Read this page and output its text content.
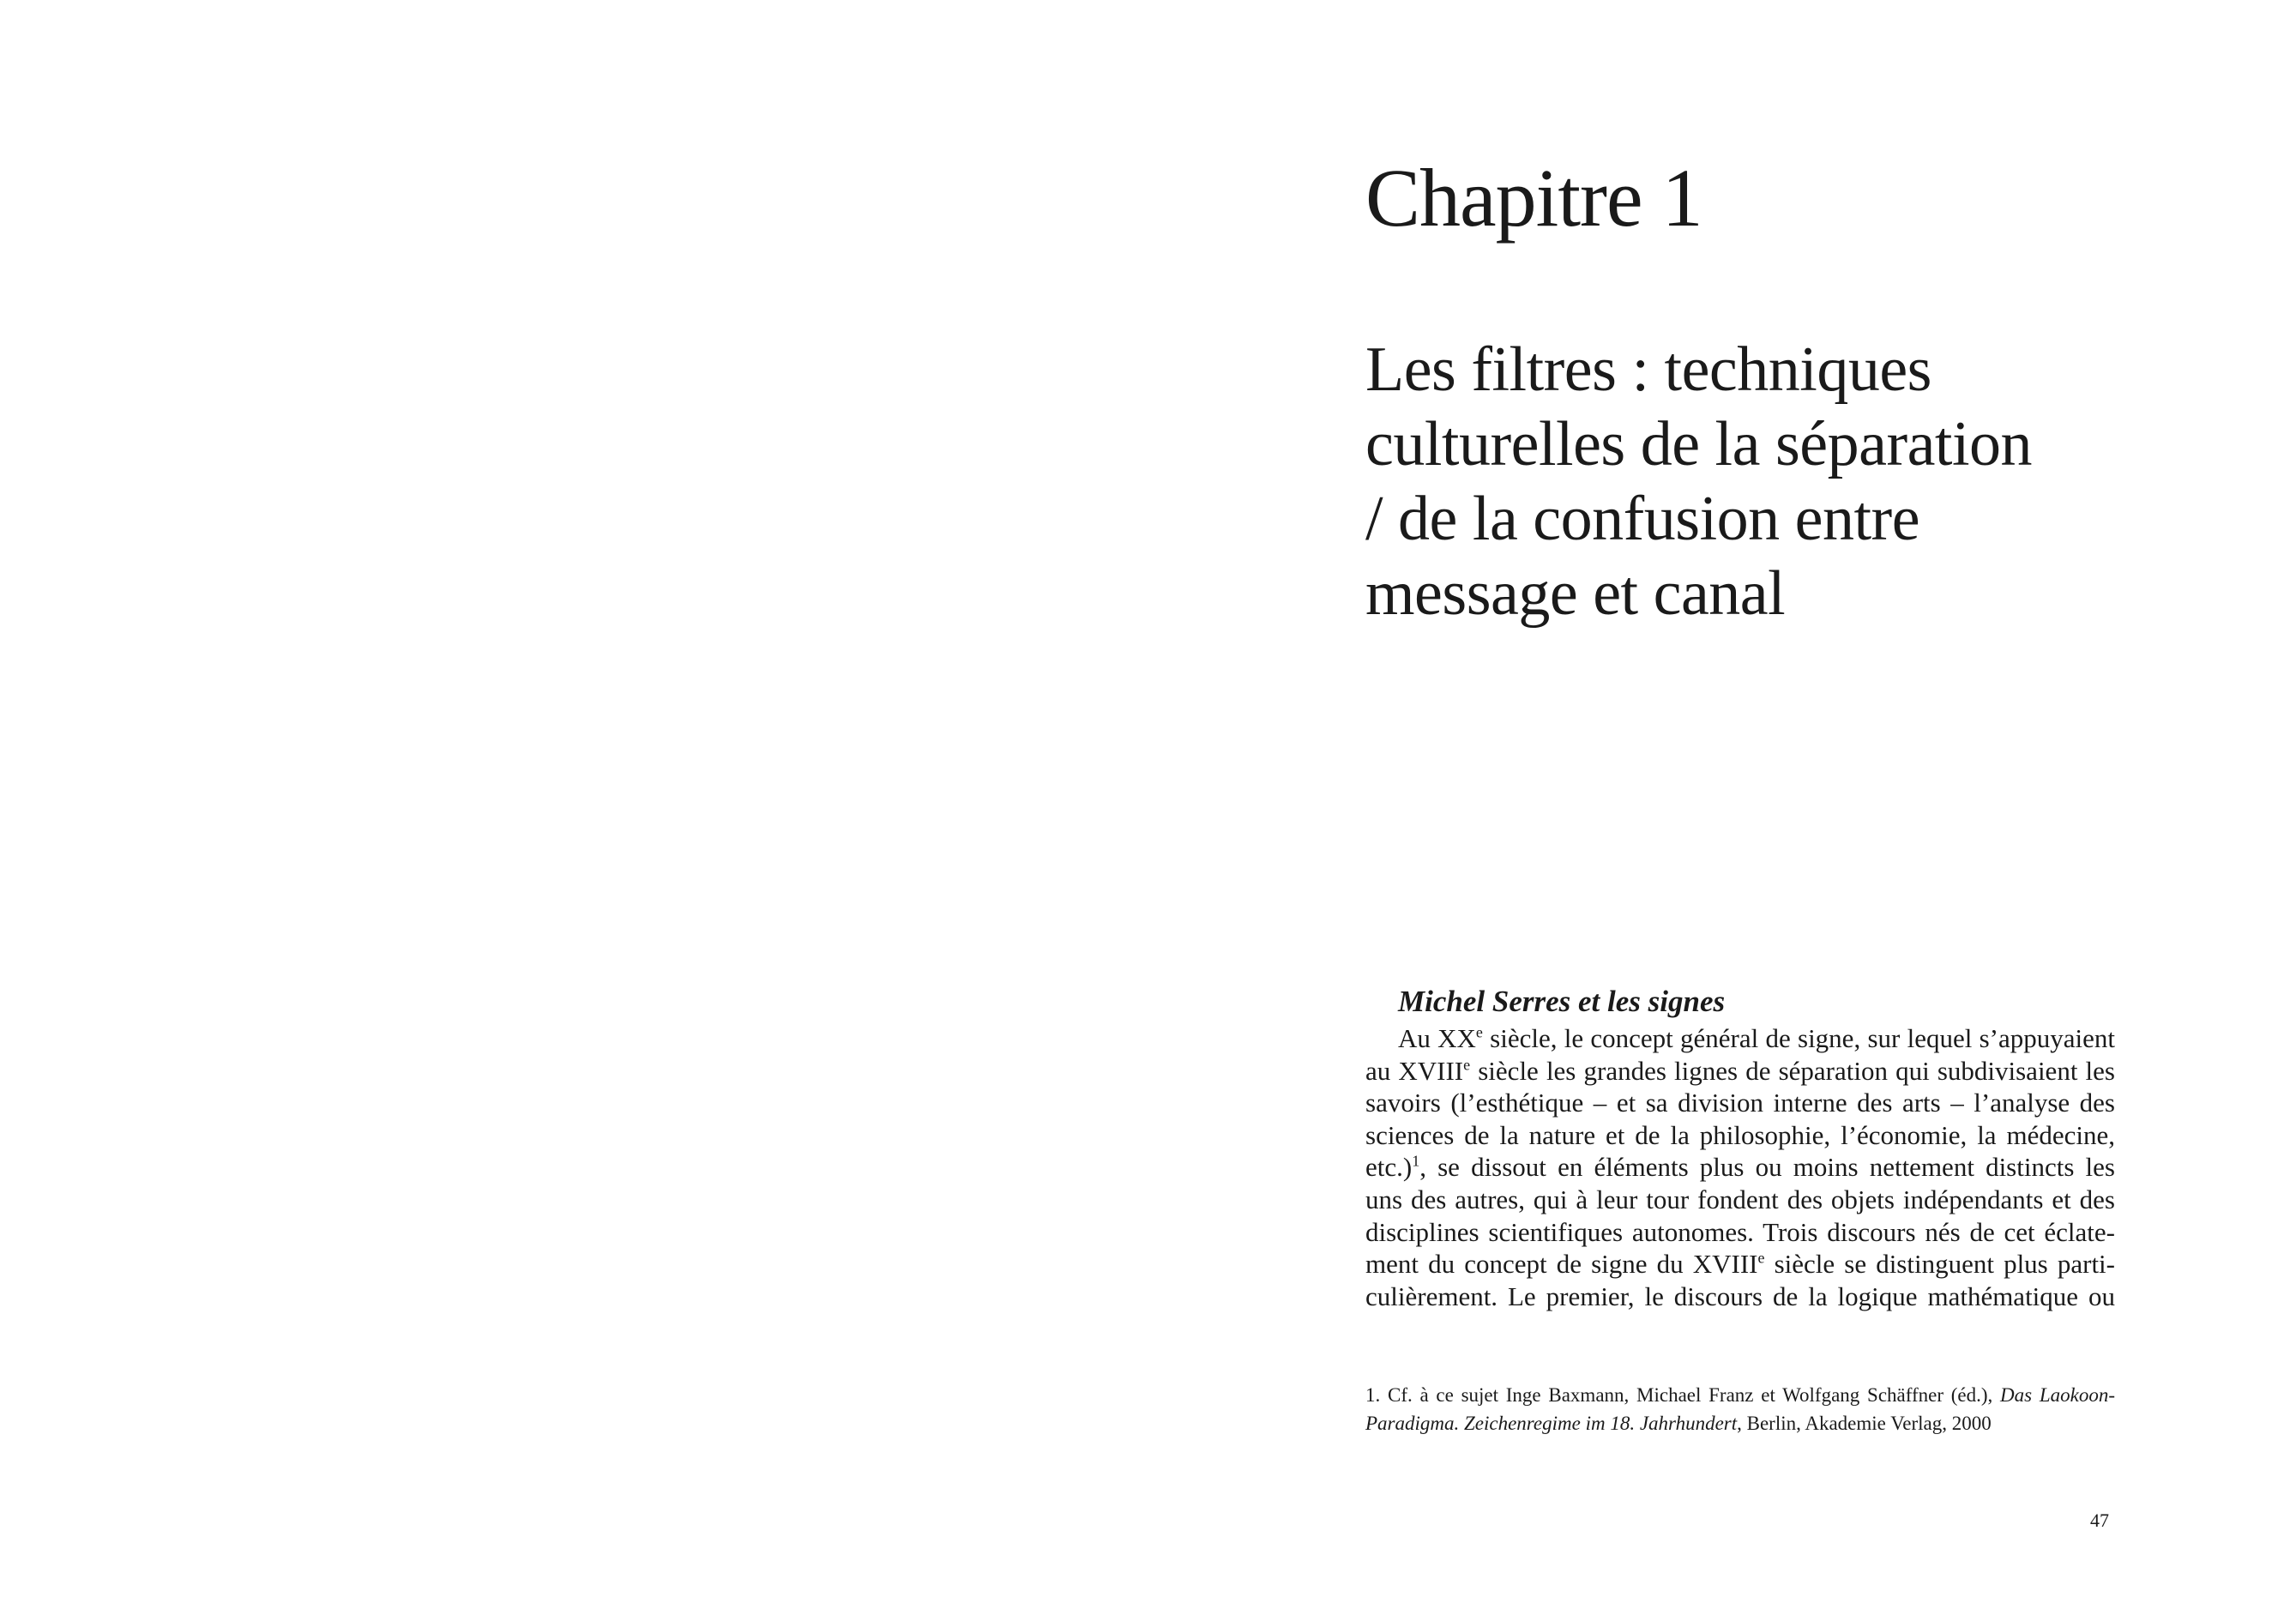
Chapitre 1
Les filtres : techniques
culturelles de la séparation
/ de la confusion entre
message et canal
Michel Serres et les signes
Au XXe siècle, le concept général de signe, sur lequel s’appuyaient
au XVIIIe siècle les grandes lignes de séparation qui subdivisaient les
savoirs (l’esthétique – et sa division interne des arts – l’analyse des
sciences de la nature et de la philosophie, l’économie, la médecine,
etc.)$^1$, se dissout en éléments plus ou moins nettement distincts les
uns des autres, qui à leur tour fondent des objets indépendants et des
disciplines scientifiques autonomes. Trois discours nés de cet éclate-
ment du concept de signe du XVIIIe siècle se distinguent plus parti-
culièrement. Le premier, le discours de la logique mathématique ou
1. Cf. à ce sujet Inge Baxmann, Michael Franz et Wolfgang Schäffner (éd.), Das Laokoon-
Paradigma. Zeichenregime im 18. Jahrhundert, Berlin, Akademie Verlag, 2000
47
